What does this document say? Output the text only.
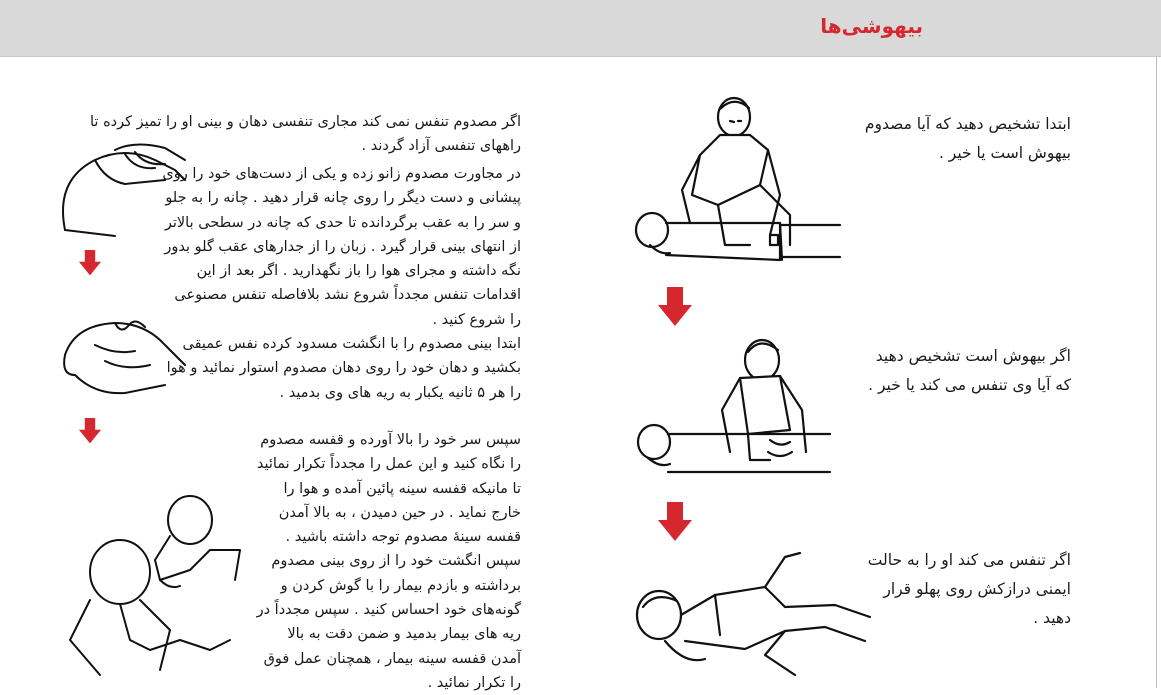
بیهوشی‌ها
ابتدا تشخیص دهید که آیا مصدوم بیهوش است یا خیر .
اگر بیهوش است تشخیص دهید که آیا وی تنفس می کند یا خیر .
اگر تنفس می کند او را به حالت ایمنی درازکش روی پهلو قرار دهید .
اگر مصدوم تنفس نمی کند مجاری تنفسی دهان و بینی او را تمیز کرده تا راههای تنفسی آزاد گردند .
در مجاورت مصدوم زانو زده و یکی از دست‌های خود را روی پیشانی و دست دیگر را روی چانه قرار دهید . چانه را به جلو و سر را به عقب برگردانده تا حدی که چانه در سطحی بالاتر از انتهای بینی قرار گیرد . زبان را از جدارهای عقب گلو بدور نگه داشته و مجرای هوا را باز نگهدارید . اگر بعد از این اقدامات تنفس مجدداً شروع نشد بلافاصله تنفس مصنوعی را شروع کنید .
ابتدا بینی مصدوم را با انگشت مسدود کرده نفس عمیقی بکشید و دهان خود را روی دهان مصدوم استوار نمائید و هوا را هر ۵ ثانیه یکبار به ریه های وی بدمید .
سپس سر خود را بالا آورده و قفسه مصدوم را نگاه کنید و این عمل را مجدداً تکرار نمائید تا مانیکه قفسه سینه پائین آمده و هوا را خارج نماید . در حین دمیدن ، به بالا آمدن قفسه سینهٔ مصدوم توجه داشته باشید . سپس انگشت خود را از روی بینی مصدوم برداشته و بازدم بیمار را با گوش کردن و گونه‌های خود احساس کنید . سپس مجدداً در ریه های بیمار بدمید و ضمن دقت به بالا آمدن قفسه سینه بیمار ، همچنان عمل فوق را تکرار نمائید .
